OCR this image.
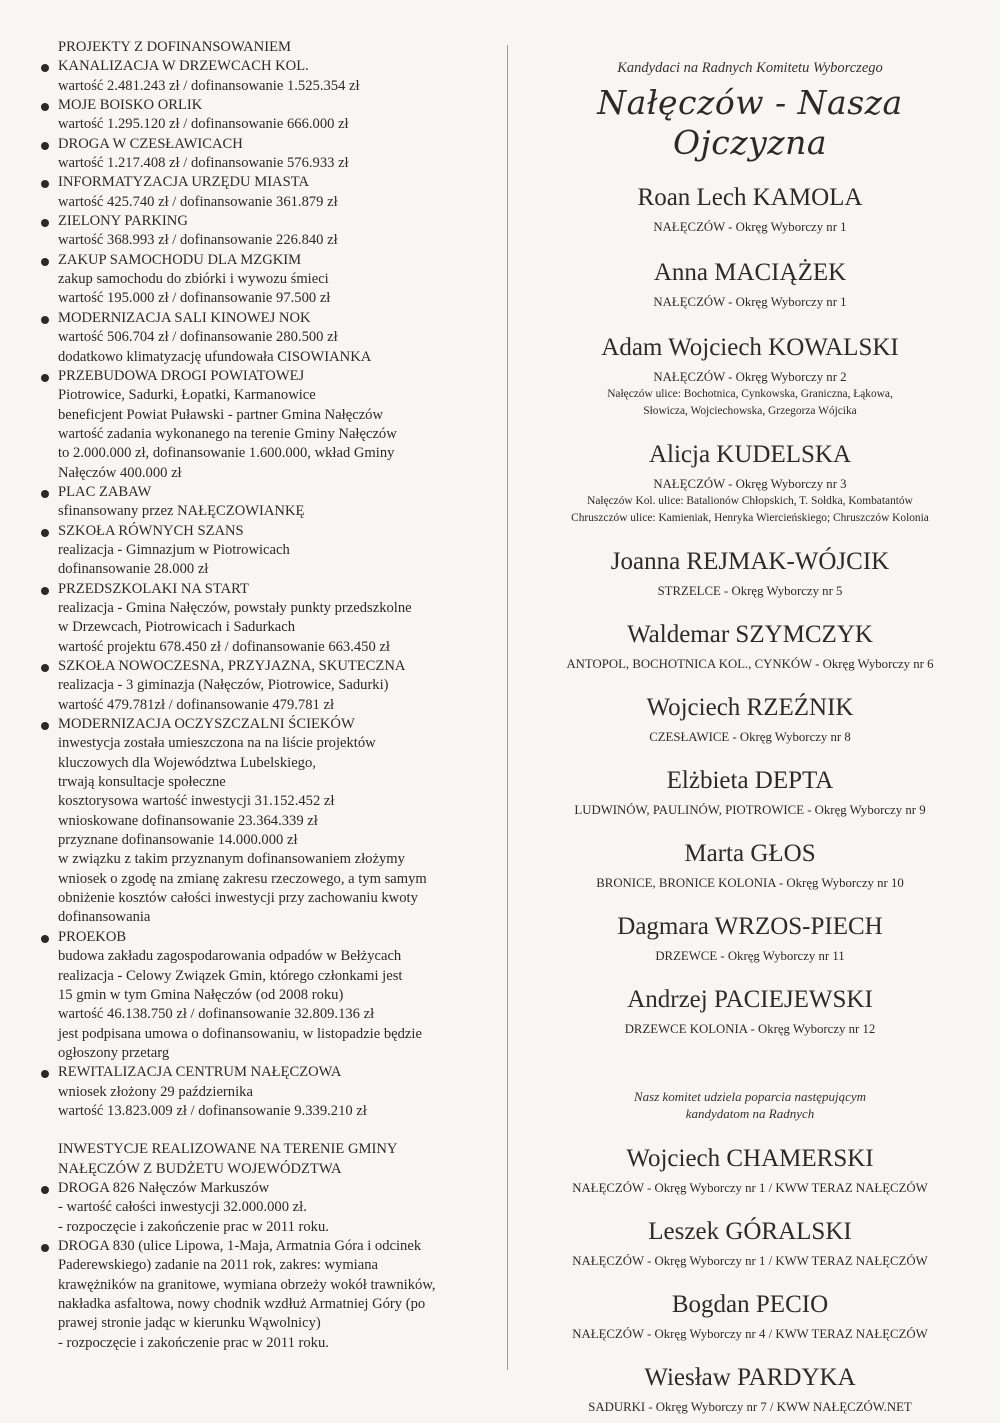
PROJEKTY Z DOFINANSOWANIEM
KANALIZACJA W DRZEWCACH KOL.
wartość 2.481.243 zł / dofinansowanie 1.525.354 zł
MOJE BOISKO ORLIK
wartość 1.295.120 zł / dofinansowanie 666.000 zł
DROGA W CZESŁAWICACH
wartość 1.217.408 zł / dofinansowanie 576.933 zł
INFORMATYZACJA URZĘDU MIASTA
wartość 425.740 zł / dofinansowanie 361.879 zł
ZIELONY PARKING
wartość 368.993 zł / dofinansowanie 226.840 zł
ZAKUP SAMOCHODU DLA MZGKIM
zakup samochodu do zbiórki i wywozu śmieci
wartość 195.000 zł / dofinansowanie 97.500 zł
MODERNIZACJA SALI KINOWEJ NOK
wartość 506.704 zł / dofinansowanie 280.500 zł
dodatkowo klimatyzację ufundowała CISOWIANKA
PRZEBUDOWA DROGI POWIATOWEJ
Piotrowice, Sadurki, Łopatki, Karmanowice
beneficjent Powiat Puławski - partner Gmina Nałęczów
wartość zadania wykonanego na terenie Gminy Nałęczów
to 2.000.000 zł, dofinansowanie 1.600.000, wkład Gminy
Nałęczów 400.000 zł
PLAC ZABAW
sfinansowany przez NAŁĘCZOWIANKĘ
SZKOŁA RÓWNYCH SZANS
realizacja - Gimnazjum w Piotrowicach
dofinansowanie 28.000 zł
PRZEDSZKOLAKI NA START
realizacja - Gmina Nałęczów, powstały punkty przedszkolne
w Drzewcach, Piotrowicach i Sadurkach
wartość projektu 678.450 zł / dofinansowanie 663.450 zł
SZKOŁA NOWOCZESNA, PRZYJAZNA, SKUTECZNA
realizacja - 3 giminazja (Nałęczów, Piotrowice, Sadurki)
wartość 479.781zł / dofinansowanie 479.781 zł
MODERNIZACJA OCZYSZCZALNI ŚCIEKÓW
inwestycja została umieszczona na na liście projektów
kluczowych dla Województwa Lubelskiego,
trwają konsultacje społeczne
kosztorysowa wartość inwestycji 31.152.452 zł
wnioskowane dofinansowanie 23.364.339 zł
przyznane dofinansowanie 14.000.000 zł
w związku z takim przyznanym dofinansowaniem złożymy
wniosek o zgodę na zmianę zakresu rzeczowego, a tym samym
obniżenie kosztów całości inwestycji przy zachowaniu kwoty
dofinansowania
PROEKOB
budowa zakładu zagospodarowania odpadów w Bełżycach
realizacja - Celowy Związek Gmin, którego członkami jest
15 gmin w tym Gmina Nałęczów (od 2008 roku)
wartość 46.138.750 zł / dofinansowanie 32.809.136 zł
jest podpisana umowa o dofinansowaniu, w listopadzie będzie
ogłoszony przetarg
REWITALIZACJA CENTRUM NAŁĘCZOWA
wniosek złożony 29 października
wartość 13.823.009 zł / dofinansowanie 9.339.210 zł
INWESTYCJE REALIZOWANE NA TERENIE GMINY
NAŁĘCZÓW Z BUDŻETU WOJEWÓDZTWA
DROGA 826 Nałęczów Markuszów
- wartość całości inwestycji 32.000.000 zł.
- rozpoczęcie i zakończenie prac w 2011 roku.
DROGA 830 (ulice Lipowa, 1-Maja, Armatnia Góra i odcinek
Paderewskiego) zadanie na 2011 rok, zakres: wymiana
krawężników na granitowe, wymiana obrzeży wokół trawników,
nakładka asfaltowa, nowy chodnik wzdłuż Armatniej Góry (po
prawej stronie jadąc w kierunku Wąwolnicy)
- rozpoczęcie i zakończenie prac w 2011 roku.
Kandydaci na Radnych Komitetu Wyborczego
Nałęczów - Nasza Ojczyzna
Roan Lech KAMOLA
NAŁĘCZÓW - Okręg Wyborczy nr 1
Anna MACIĄŻEK
NAŁĘCZÓW - Okręg Wyborczy nr 1
Adam Wojciech KOWALSKI
NAŁĘCZÓW - Okręg Wyborczy nr 2
Nałęczów ulice: Bochotnica, Cynkowska, Graniczna, Łąkowa,
Słowicza, Wojciechowska, Grzegorza Wójcika
Alicja KUDELSKA
NAŁĘCZÓW - Okręg Wyborczy nr 3
Nałęczów Kol. ulice: Batalionów Chłopskich, T. Sołdka, Kombatantów
Chruszczów ulice: Kamieniak, Henryka Wiercieńskiego; Chruszczów Kolonia
Joanna REJMAK-WÓJCIK
STRZELCE - Okręg Wyborczy nr 5
Waldemar SZYMCZYK
ANTOPOL, BOCHOTNICA KOL., CYNKÓW - Okręg Wyborczy nr 6
Wojciech RZEŹNIK
CZESŁAWICE - Okręg Wyborczy nr 8
Elżbieta DEPTA
LUDWINÓW, PAULINÓW, PIOTROWICE - Okręg Wyborczy nr 9
Marta GŁOS
BRONICE, BRONICE KOLONIA - Okręg Wyborczy nr 10
Dagmara WRZOS-PIECH
DRZEWCE - Okręg Wyborczy nr 11
Andrzej PACIEJEWSKI
DRZEWCE KOLONIA - Okręg Wyborczy nr 12
Nasz komitet udziela poparcia następującym
kandydatom na Radnych
Wojciech CHAMERSKI
NAŁĘCZÓW - Okręg Wyborczy nr 1 / KWW TERAZ NAŁĘCZÓW
Leszek GÓRALSKI
NAŁĘCZÓW - Okręg Wyborczy nr 1 / KWW TERAZ NAŁĘCZÓW
Bogdan PECIO
NAŁĘCZÓW - Okręg Wyborczy nr 4 / KWW TERAZ NAŁĘCZÓW
Wiesław PARDYKA
SADURKI - Okręg Wyborczy nr 7 / KWW NAŁĘCZÓW.NET
